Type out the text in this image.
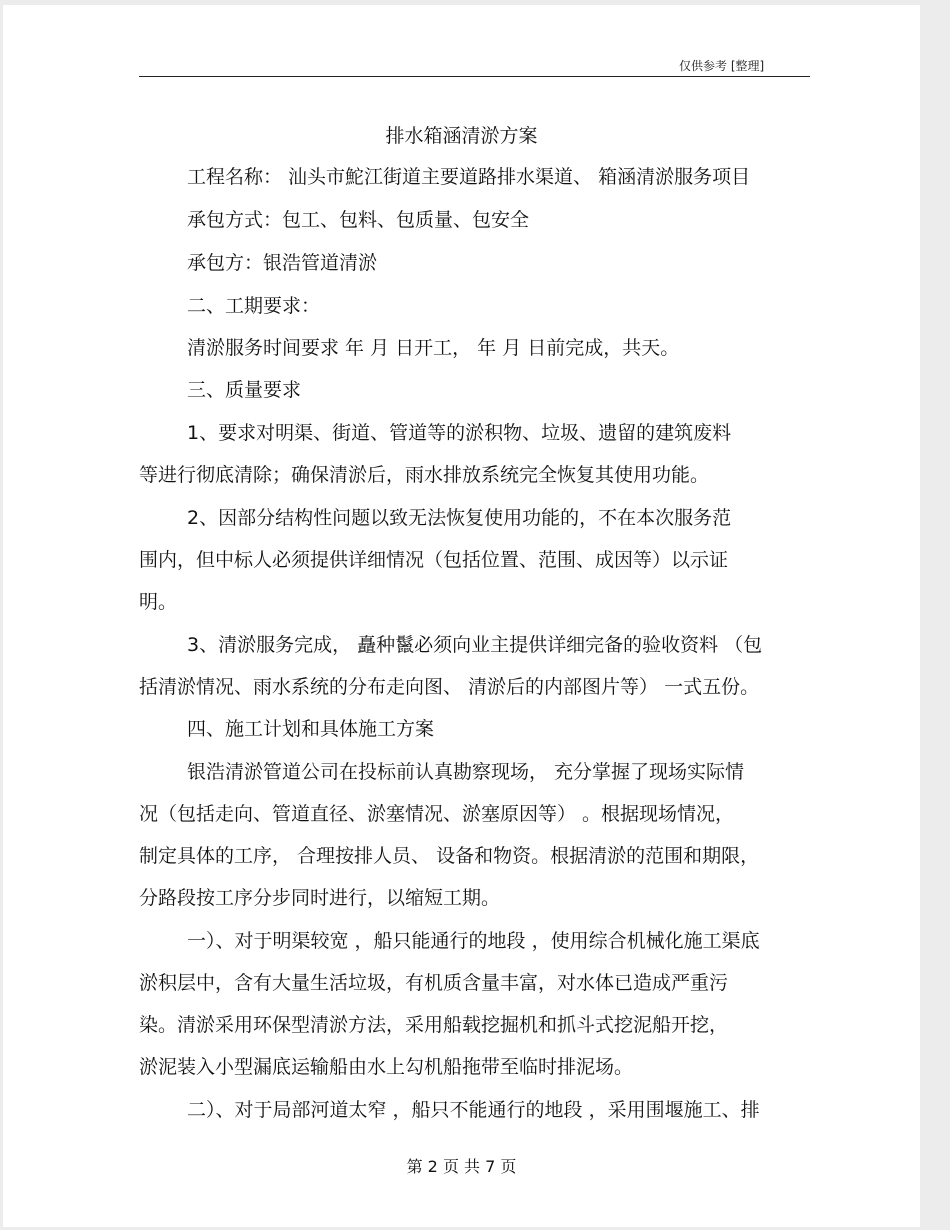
仅供参考 [整理]
排水箱涵清淤方案
工程名称： 汕头市鮀江街道主要道路排水渠道、 箱涵清淤服务项目
承包方式：包工、包料、包质量、包安全
承包方：银浩管道清淤
二、工期要求：
清淤服务时间要求 年 月 日开工， 年 月 日前完成，共天。
三、质量要求
1、要求对明渠、街道、管道等的淤积物、垃圾、遗留的建筑废料
等进行彻底清除；确保清淤后，雨水排放系统完全恢复其使用功能。
2、因部分结构性问题以致无法恢复使用功能的，不在本次服务范
围内，但中标人必须提供详细情况（包括位置、范围、成因等）以示证
明。
3、清淤服务完成， 矗种鬣必须向业主提供详细完备的验收资料 （包
括清淤情况、雨水系统的分布走向图、 清淤后的内部图片等） 一式五份。
四、施工计划和具体施工方案
银浩清淤管道公司在投标前认真勘察现场， 充分掌握了现场实际情
况（包括走向、管道直径、淤塞情况、淤塞原因等） 。根据现场情况，
制定具体的工序， 合理按排人员、 设备和物资。根据清淤的范围和期限，
分路段按工序分步同时进行，以缩短工期。
一）、对于明渠较宽 ，船只能通行的地段 ，使用综合机械化施工渠底
淤积层中，含有大量生活垃圾，有机质含量丰富，对水体已造成严重污
染。清淤采用环保型清淤方法，采用船载挖掘机和抓斗式挖泥船开挖，
淤泥装入小型漏底运输船由水上勾机船拖带至临时排泥场。
二）、对于局部河道太窄 ，船只不能通行的地段 ，采用围堰施工、排
第 2 页 共 7 页
